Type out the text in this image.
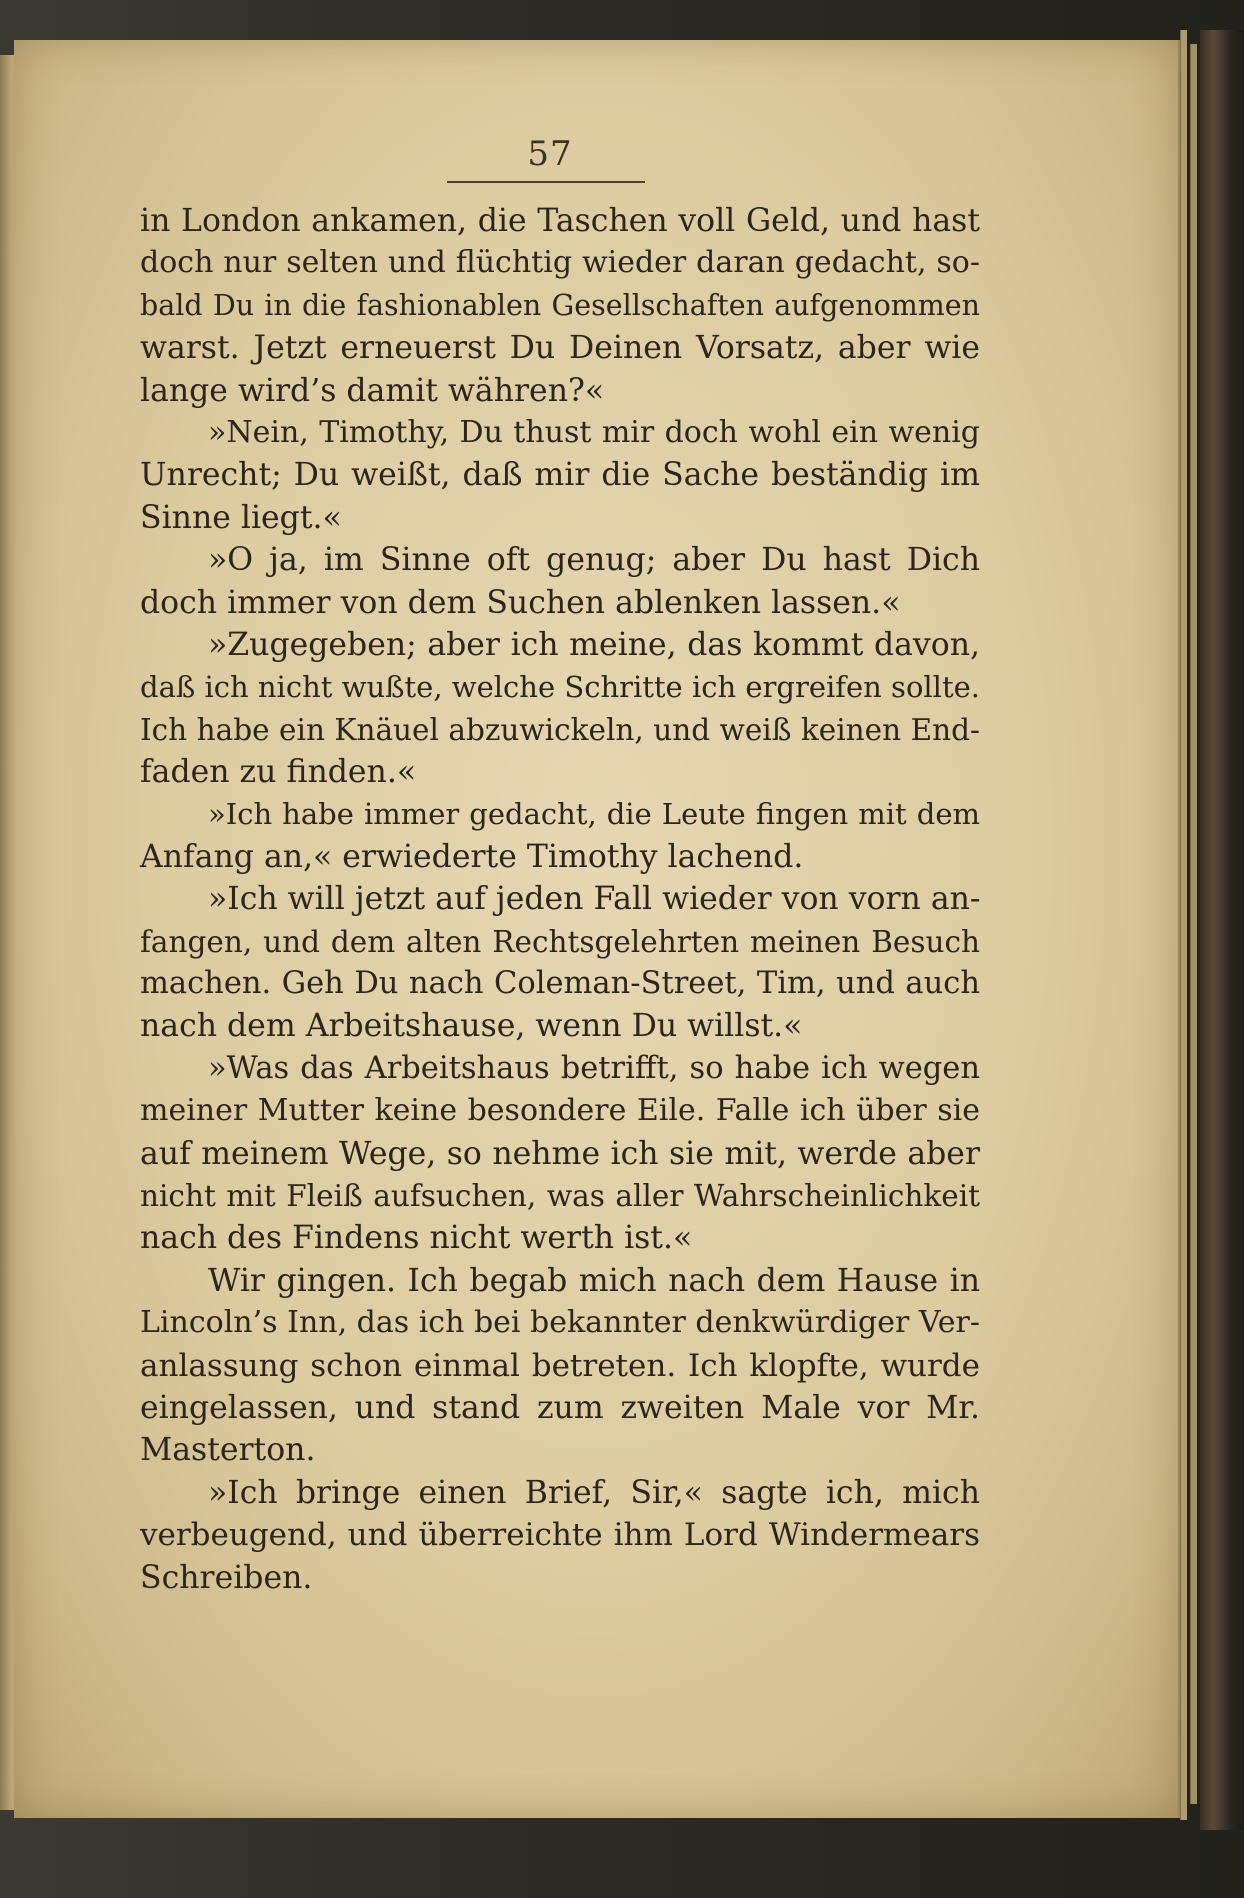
57
in London ankamen, die Taschen voll Geld, und hast
doch nur selten und flüchtig wieder daran gedacht, so-
bald Du in die fashionablen Gesellschaften aufgenommen
warst. Jetzt erneuerst Du Deinen Vorsatz, aber wie
lange wird’s damit währen?«
»Nein, Timothy, Du thust mir doch wohl ein wenig
Unrecht; Du weißt, daß mir die Sache beständig im
Sinne liegt.«
»O ja, im Sinne oft genug; aber Du hast Dich
doch immer von dem Suchen ablenken lassen.«
»Zugegeben; aber ich meine, das kommt davon,
daß ich nicht wußte, welche Schritte ich ergreifen sollte.
Ich habe ein Knäuel abzuwickeln, und weiß keinen End-
faden zu finden.«
»Ich habe immer gedacht, die Leute fingen mit dem
Anfang an,« erwiederte Timothy lachend.
»Ich will jetzt auf jeden Fall wieder von vorn an-
fangen, und dem alten Rechtsgelehrten meinen Besuch
machen. Geh Du nach Coleman-Street, Tim, und auch
nach dem Arbeitshause, wenn Du willst.«
»Was das Arbeitshaus betrifft, so habe ich wegen
meiner Mutter keine besondere Eile. Falle ich über sie
auf meinem Wege, so nehme ich sie mit, werde aber
nicht mit Fleiß aufsuchen, was aller Wahrscheinlichkeit
nach des Findens nicht werth ist.«
Wir gingen. Ich begab mich nach dem Hause in
Lincoln’s Inn, das ich bei bekannter denkwürdiger Ver-
anlassung schon einmal betreten. Ich klopfte, wurde
eingelassen, und stand zum zweiten Male vor Mr.
Masterton.
»Ich bringe einen Brief, Sir,« sagte ich, mich
verbeugend, und überreichte ihm Lord Windermears
Schreiben.
